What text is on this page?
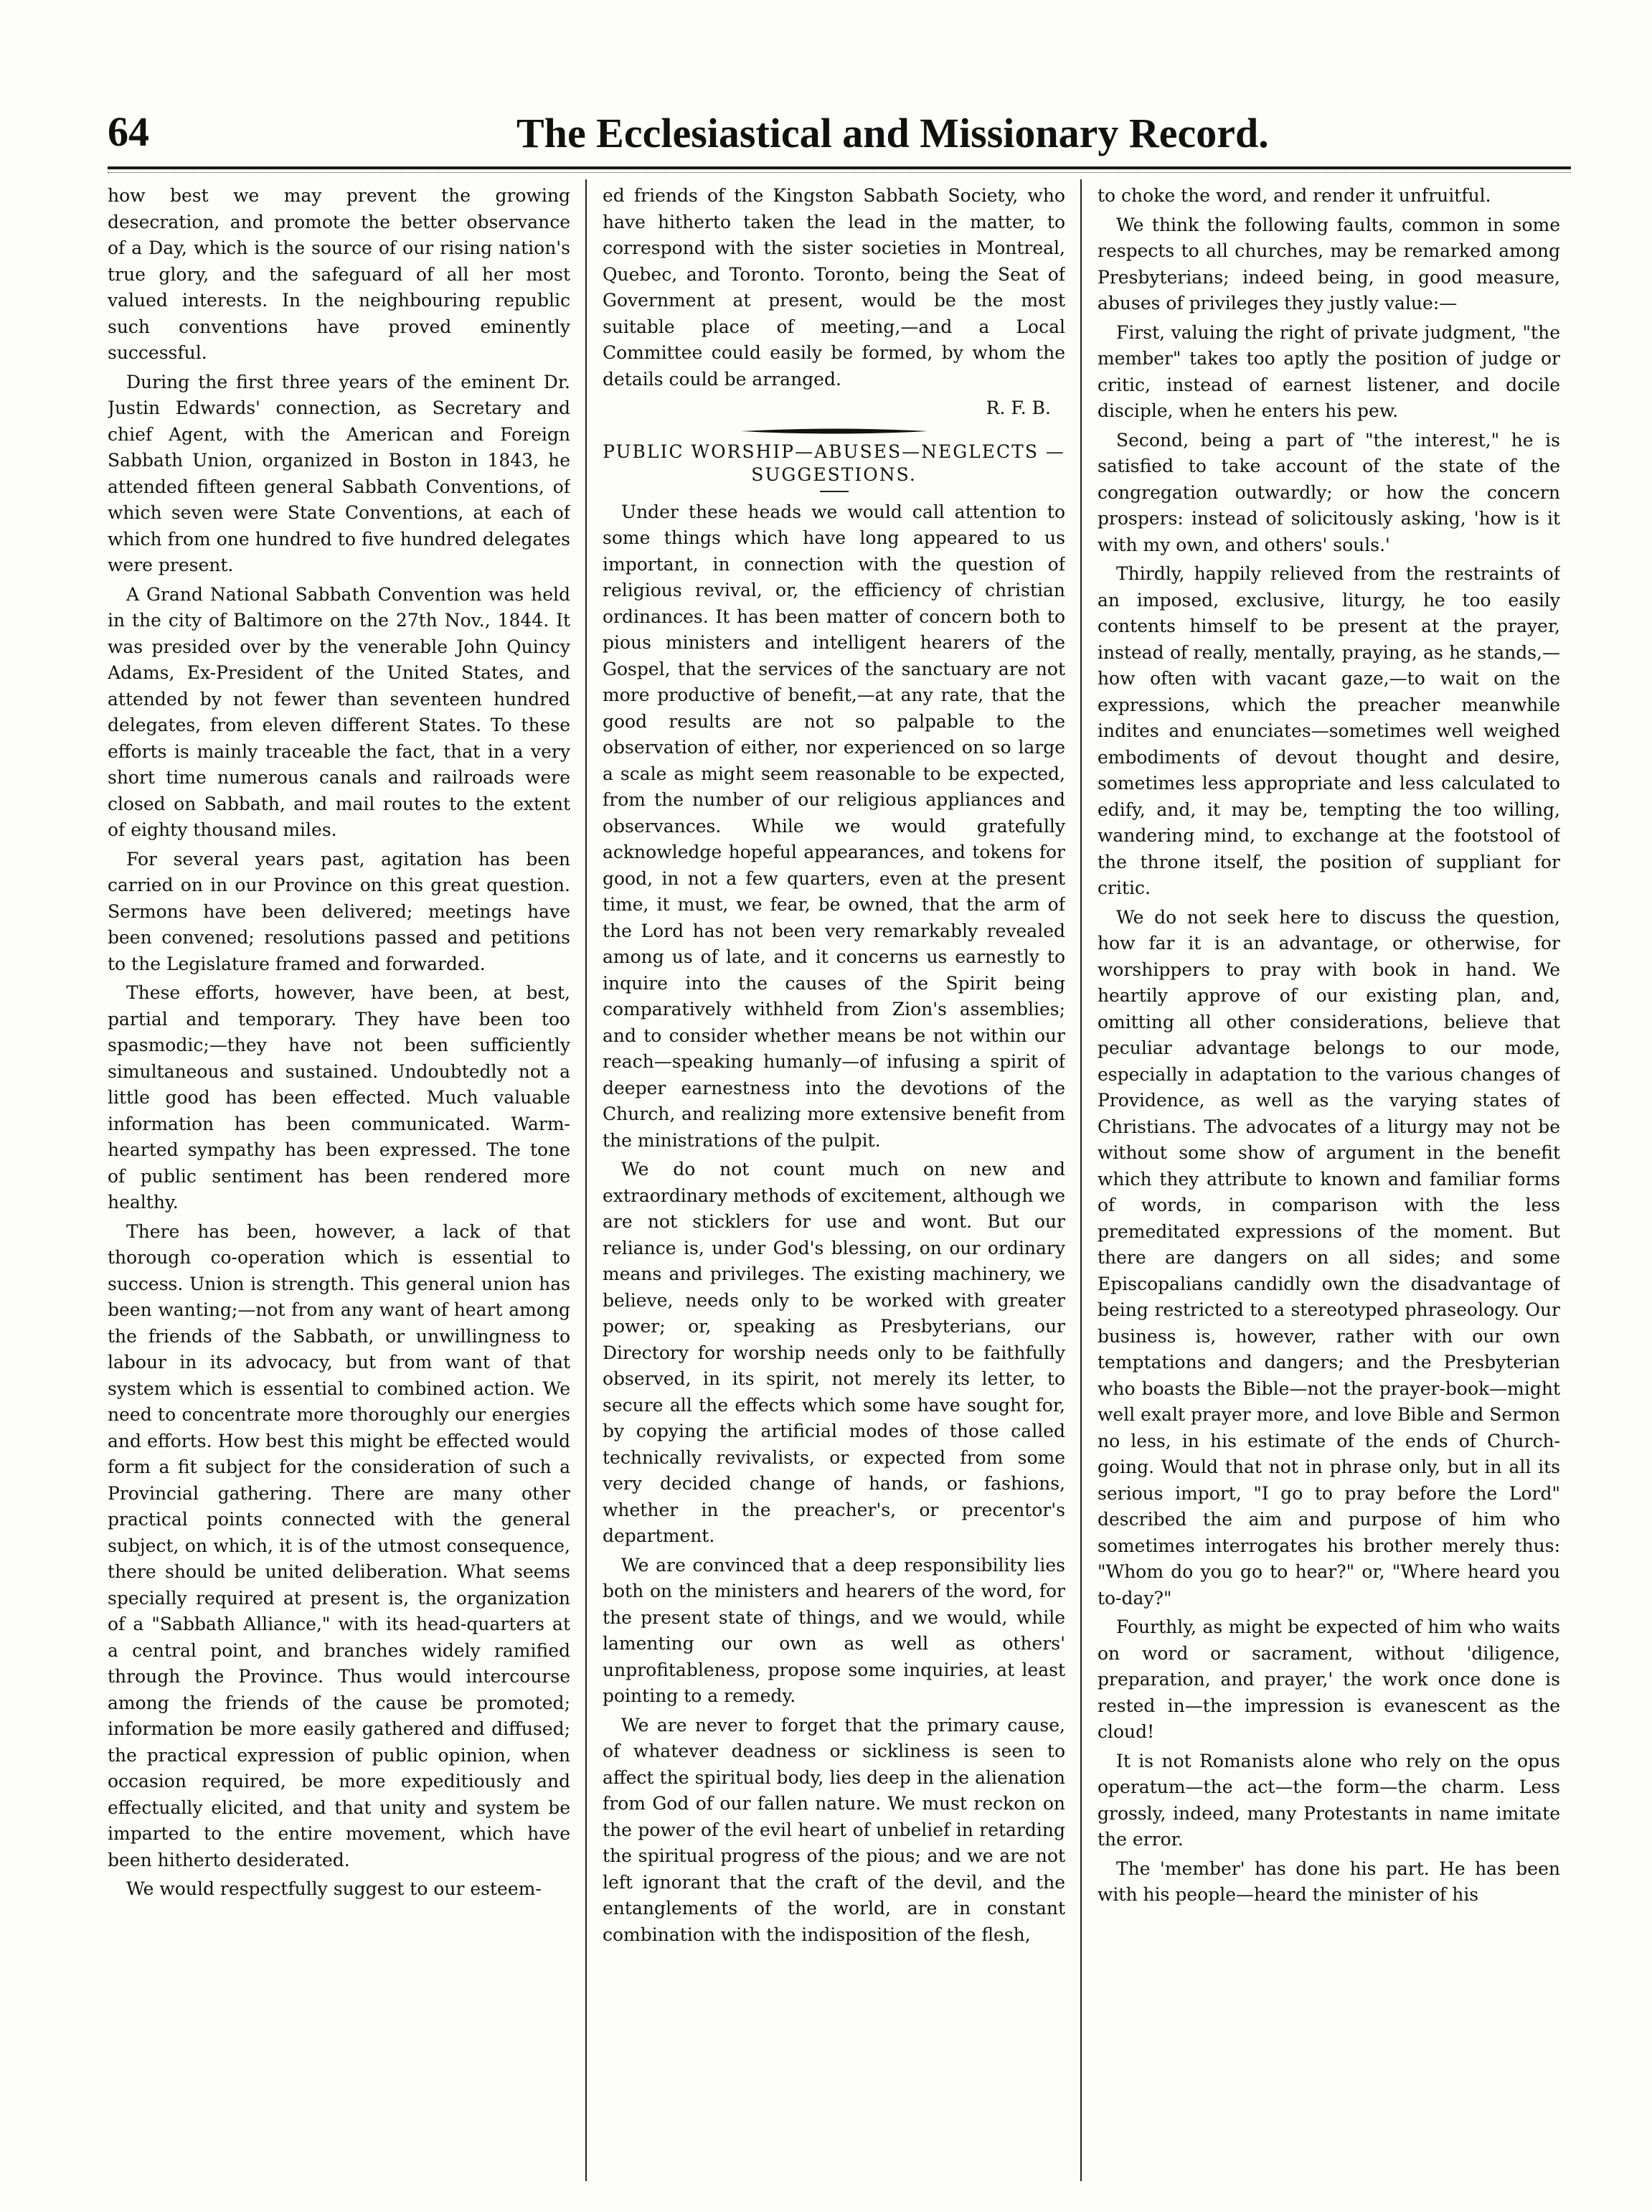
64	The Ecclesiastical and Missionary Record.

how best we may prevent the growing desecration, and promote the better observance of a Day, which is the source of our rising nation's true glory, and the safeguard of all her most valued interests. In the neighbouring republic such conventions have proved eminently successful.

During the first three years of the eminent Dr. Justin Edwards' connection, as Secretary and chief Agent, with the American and Foreign Sabbath Union, organized in Boston in 1843, he attended fifteen general Sabbath Conventions, of which seven were State Conventions, at each of which from one hundred to five hundred delegates were present.

A Grand National Sabbath Convention was held in the city of Baltimore on the 27th Nov., 1844. It was presided over by the venerable John Quincy Adams, Ex-President of the United States, and attended by not fewer than seventeen hundred delegates, from eleven different States. To these efforts is mainly traceable the fact, that in a very short time numerous canals and railroads were closed on Sabbath, and mail routes to the extent of eighty thousand miles.

For several years past, agitation has been carried on in our Province on this great question. Sermons have been delivered; meetings have been convened; resolutions passed and petitions to the Legislature framed and forwarded.

These efforts, however, have been, at best, partial and temporary. They have been too spasmodic;—they have not been sufficiently simultaneous and sustained. Undoubtedly not a little good has been effected. Much valuable information has been communicated. Warm-hearted sympathy has been expressed. The tone of public sentiment has been rendered more healthy.

There has been, however, a lack of that thorough co-operation which is essential to success. Union is strength. This general union has been wanting;—not from any want of heart among the friends of the Sabbath, or unwillingness to labour in its advocacy, but from want of that system which is essential to combined action. We need to concentrate more thoroughly our energies and efforts. How best this might be effected would form a fit subject for the consideration of such a Provincial gathering. There are many other practical points connected with the general subject, on which, it is of the utmost consequence, there should be united deliberation. What seems specially required at present is, the organization of a "Sabbath Alliance," with its head-quarters at a central point, and branches widely ramified through the Province. Thus would intercourse among the friends of the cause be promoted; information be more easily gathered and diffused; the practical expression of public opinion, when occasion required, be more expeditiously and effectually elicited, and that unity and system be imparted to the entire movement, which have been hitherto desiderated.

We would respectfully suggest to our esteem-

ed friends of the Kingston Sabbath Society, who have hitherto taken the lead in the matter, to correspond with the sister societies in Montreal, Quebec, and Toronto. Toronto, being the Seat of Government at present, would be the most suitable place of meeting,—and a Local Committee could easily be formed, by whom the details could be arranged.

R. F. B.
PUBLIC WORSHIP—ABUSES—NEGLECTS —SUGGESTIONS.

Under these heads we would call attention to some things which have long appeared to us important, in connection with the question of religious revival, or, the efficiency of christian ordinances. It has been matter of concern both to pious ministers and intelligent hearers of the Gospel, that the services of the sanctuary are not more productive of benefit,—at any rate, that the good results are not so palpable to the observation of either, nor experienced on so large a scale as might seem reasonable to be expected, from the number of our religious appliances and observances. While we would gratefully acknowledge hopeful appearances, and tokens for good, in not a few quarters, even at the present time, it must, we fear, be owned, that the arm of the Lord has not been very remarkably revealed among us of late, and it concerns us earnestly to inquire into the causes of the Spirit being comparatively withheld from Zion's assemblies; and to consider whether means be not within our reach—speaking humanly—of infusing a spirit of deeper earnestness into the devotions of the Church, and realizing more extensive benefit from the ministrations of the pulpit.

We do not count much on new and extraordinary methods of excitement, although we are not sticklers for use and wont. But our reliance is, under God's blessing, on our ordinary means and privileges. The existing machinery, we believe, needs only to be worked with greater power; or, speaking as Presbyterians, our Directory for worship needs only to be faithfully observed, in its spirit, not merely its letter, to secure all the effects which some have sought for, by copying the artificial modes of those called technically revivalists, or expected from some very decided change of hands, or fashions, whether in the preacher's, or precentor's department.

We are convinced that a deep responsibility lies both on the ministers and hearers of the word, for the present state of things, and we would, while lamenting our own as well as others' unprofitableness, propose some inquiries, at least pointing to a remedy.

We are never to forget that the primary cause, of whatever deadness or sickliness is seen to affect the spiritual body, lies deep in the alienation from God of our fallen nature. We must reckon on the power of the evil heart of unbelief in retarding the spiritual progress of the pious; and we are not left ignorant that the craft of the devil, and the entanglements of the world, are in constant combination with the indisposition of the flesh,

to choke the word, and render it unfruitful.

We think the following faults, common in some respects to all churches, may be remarked among Presbyterians; indeed being, in good measure, abuses of privileges they justly value:—

First, valuing the right of private judgment, "the member" takes too aptly the position of judge or critic, instead of earnest listener, and docile disciple, when he enters his pew.

Second, being a part of "the interest," he is satisfied to take account of the state of the congregation outwardly; or how the concern prospers: instead of solicitously asking, 'how is it with my own, and others' souls.'

Thirdly, happily relieved from the restraints of an imposed, exclusive, liturgy, he too easily contents himself to be present at the prayer, instead of really, mentally, praying, as he stands,—how often with vacant gaze,—to wait on the expressions, which the preacher meanwhile indites and enunciates—sometimes well weighed embodiments of devout thought and desire, sometimes less appropriate and less calculated to edify, and, it may be, tempting the too willing, wandering mind, to exchange at the footstool of the throne itself, the position of suppliant for critic.

We do not seek here to discuss the question, how far it is an advantage, or otherwise, for worshippers to pray with book in hand. We heartily approve of our existing plan, and, omitting all other considerations, believe that peculiar advantage belongs to our mode, especially in adaptation to the various changes of Providence, as well as the varying states of Christians. The advocates of a liturgy may not be without some show of argument in the benefit which they attribute to known and familiar forms of words, in comparison with the less premeditated expressions of the moment. But there are dangers on all sides; and some Episcopalians candidly own the disadvantage of being restricted to a stereotyped phraseology. Our business is, however, rather with our own temptations and dangers; and the Presbyterian who boasts the Bible—not the prayer-book—might well exalt prayer more, and love Bible and Sermon no less, in his estimate of the ends of Church-going. Would that not in phrase only, but in all its serious import, "I go to pray before the Lord" described the aim and purpose of him who sometimes interrogates his brother merely thus: "Whom do you go to hear?" or, "Where heard you to-day?"

Fourthly, as might be expected of him who waits on word or sacrament, without 'diligence, preparation, and prayer,' the work once done is rested in—the impression is evanescent as the cloud!

It is not Romanists alone who rely on the opus operatum—the act—the form—the charm. Less grossly, indeed, many Protestants in name imitate the error.

The 'member' has done his part. He has been with his people—heard the minister of his
